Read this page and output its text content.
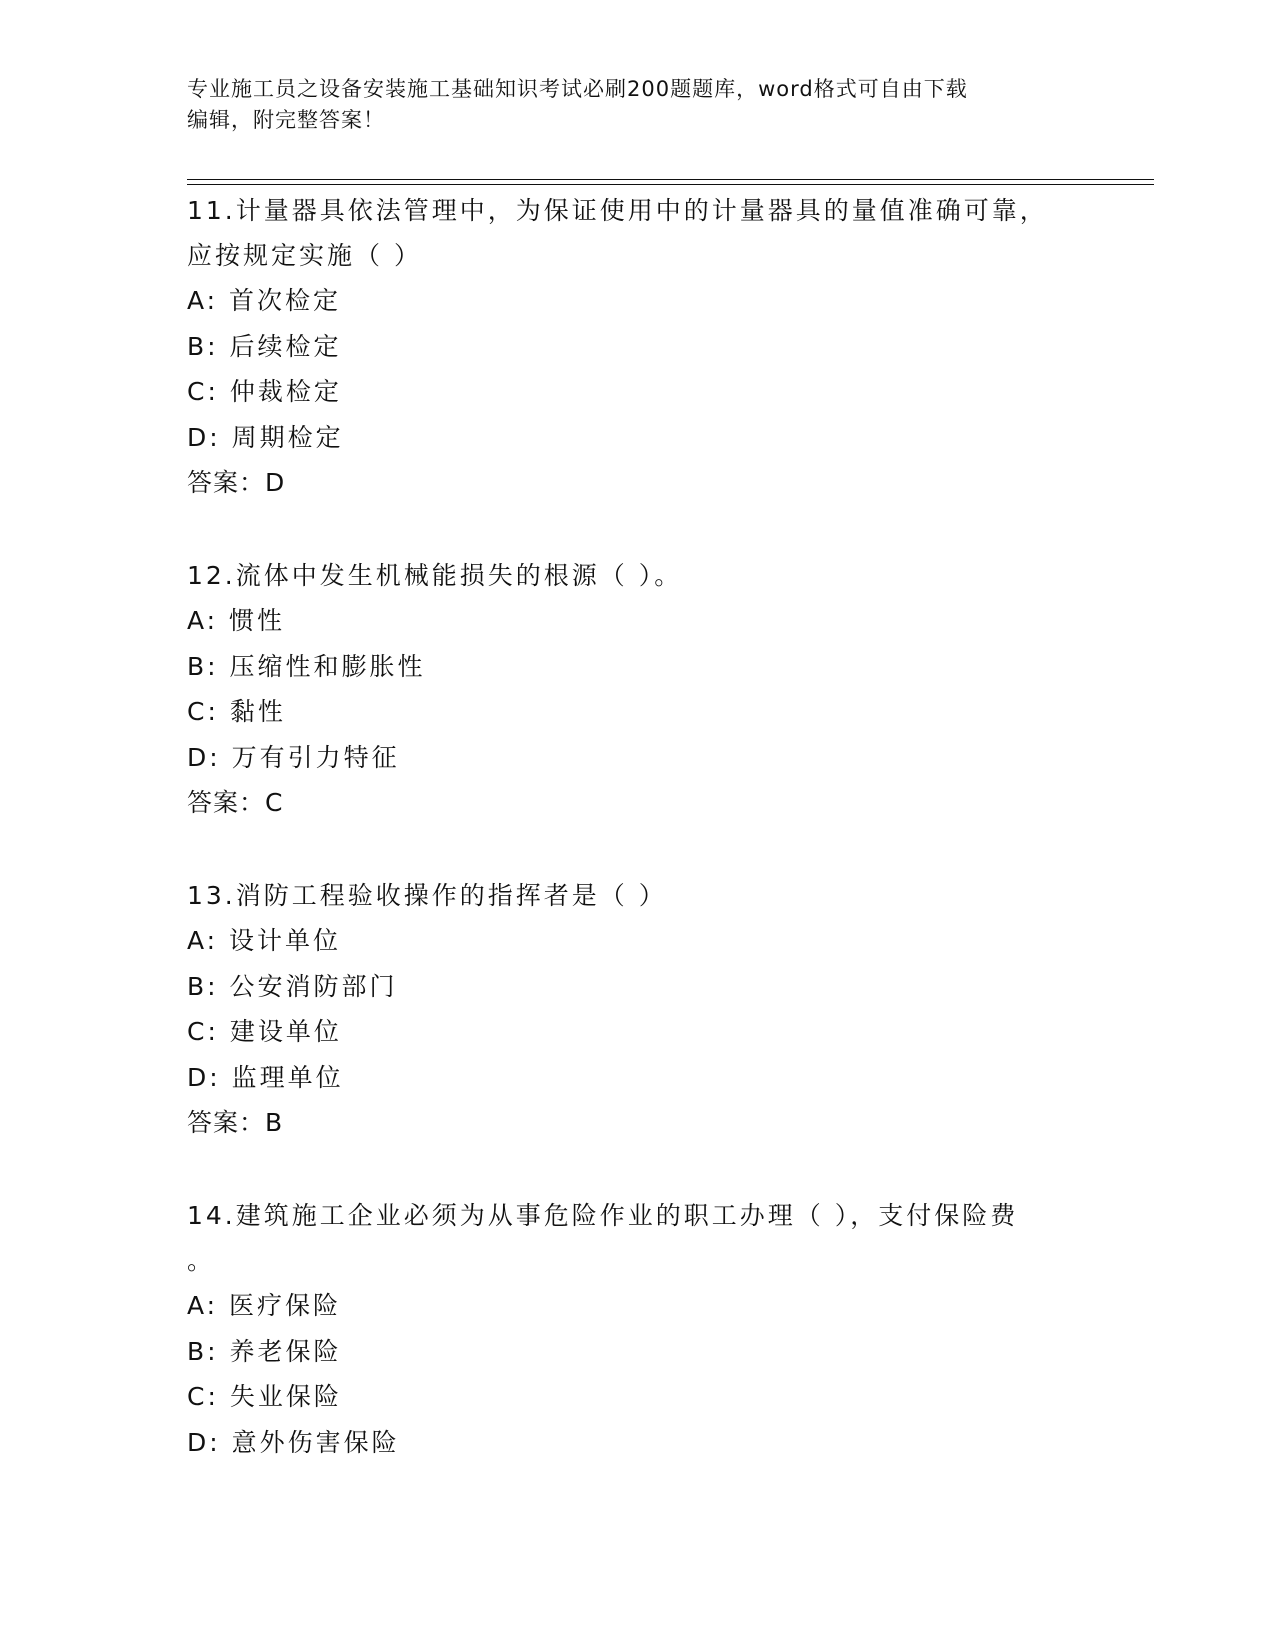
专业施工员之设备安装施工基础知识考试必刷200题题库，word格式可自由下载
编辑，附完整答案！
11.计量器具依法管理中，为保证使用中的计量器具的量值准确可靠，
应按规定实施（ ）
A: 首次检定
B: 后续检定
C: 仲裁检定
D: 周期检定
答案：D
12.流体中发生机械能损失的根源（ ）。
A: 惯性
B: 压缩性和膨胀性
C: 黏性
D: 万有引力特征
答案：C
13.消防工程验收操作的指挥者是（ ）
A: 设计单位
B: 公安消防部门
C: 建设单位
D: 监理单位
答案：B
14.建筑施工企业必须为从事危险作业的职工办理（ ），支付保险费
。
A: 医疗保险
B: 养老保险
C: 失业保险
D: 意外伤害保险
